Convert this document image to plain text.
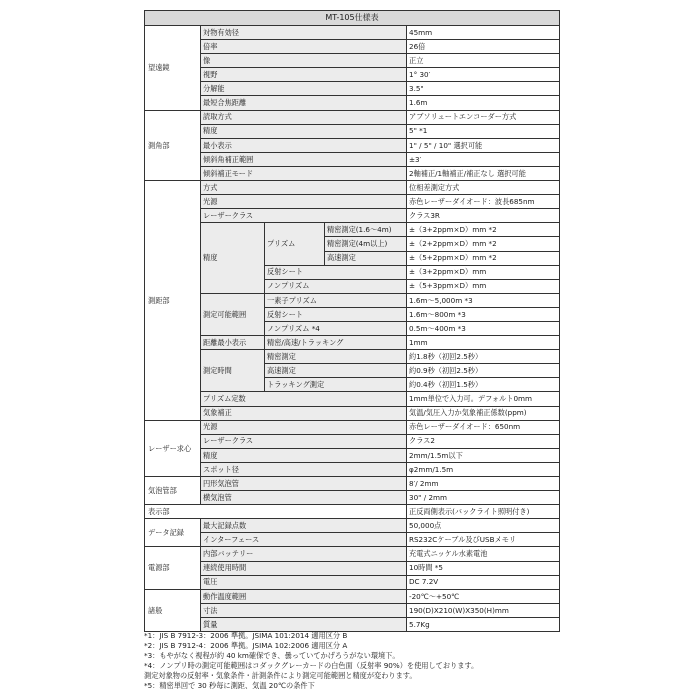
MT-105仕様表				
望遠鏡	対物有効径			45mm
	倍率			26倍
	像			正立
	視野			1° 30′
	分解能			3.5"
	最短合焦距離			1.6m
測角部	読取方式			アブソリュートエンコーダー方式
	精度			5" *1
	最小表示			1" / 5" / 10" 選択可能
	傾斜角補正範囲			±3′
	傾斜補正モード			2軸補正/1軸補正/補正なし 選択可能
測距部	方式			位相差測定方式
	光源			赤色レーザーダイオード：波長685nm
	レーザークラス			クラス3R
	精度	プリズム	精密測定(1.6〜4m)	±（3+2ppm×D）mm *2
			精密測定(4m以上)	±（2+2ppm×D）mm *2
			高速測定	±（5+2ppm×D）mm *2
		反射シート		±（3+2ppm×D）mm
		ノンプリズム		±（5+3ppm×D）mm
	測定可能範囲	一素子プリズム		1.6m〜5,000m *3
		反射シート		1.6m〜800m *3
		ノンプリズム *4		0.5m〜400m *3
	距離最小表示	精密/高速/トラッキング		1mm
	測定時間	精密測定		約1.8秒（初回2.5秒）
		高速測定		約0.9秒（初回2.5秒）
		トラッキング測定		約0.4秒（初回1.5秒）
	プリズム定数			1mm単位で入力可。デフォルト0mm
	気象補正			気温/気圧入力か気象補正係数(ppm)
レーザー求心	光源			赤色レーザーダイオード：650nm
	レーザークラス			クラス2
	精度			2mm/1.5m以下
	スポット径			φ2mm/1.5m
気泡管部	円形気泡管			8′/ 2mm
	横気泡管			30" / 2mm
表示部				正反両側表示(バックライト照明付き)
データ記録	最大記録点数			50,000点
	インターフェース			RS232Cケーブル及びUSBメモリ
電源部	内部バッテリー			充電式ニッケル水素電池
	連続使用時間			10時間 *5
	電圧			DC 7.2V
諸般	動作温度範囲			-20℃〜+50℃
	寸法			190(D)X210(W)X350(H)mm
	質量			5.7Kg
*1：JIS B 7912-3：2006 準拠。JSIMA 101:2014 適用区分 B
*2：JIS B 7912-4：2006 準拠。JSIMA 102:2006 適用区分 A
*3：もやがなく視程が約 40 km確保でき、曇っていてかげろうがない環境下。
*4：ノンプリ時の測定可能範囲はコダックグレーカードの白色面（反射率 90%）を使用しております。
測定対象物の反射率・気象条件・計測条件により測定可能範囲と精度が変わります。
*5：精密単回で 30 秒毎に測距、気温 20℃の条件下
